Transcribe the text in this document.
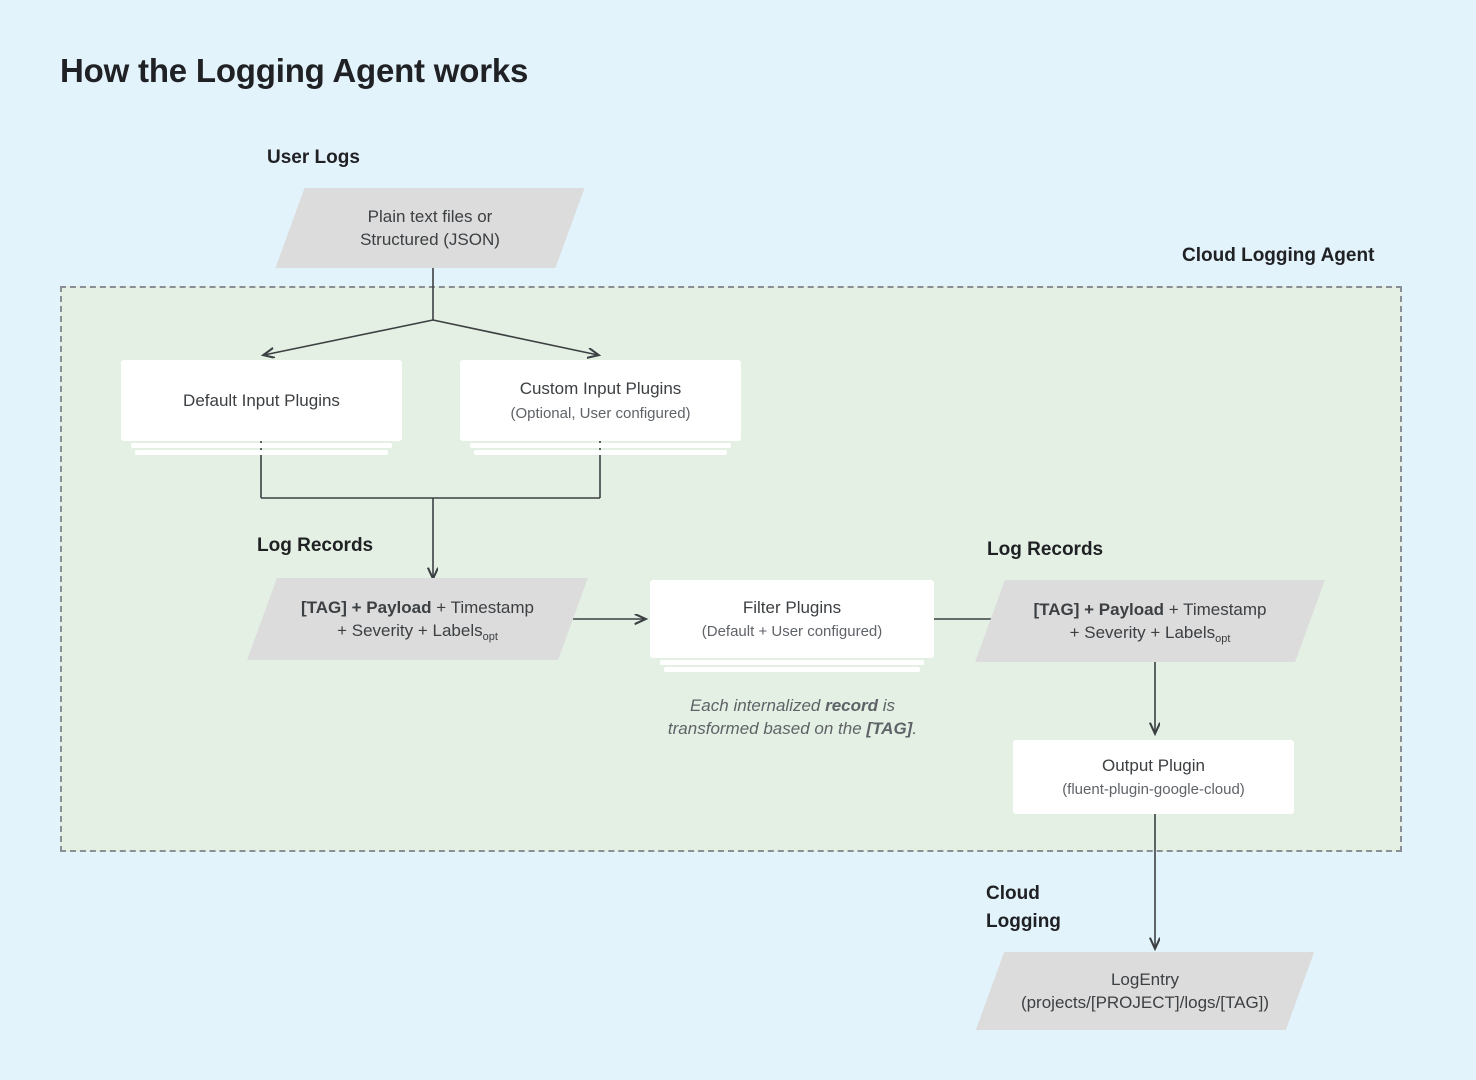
How the Logging Agent works
User Logs
Cloud Logging Agent
Log Records	Log Records
Cloud
Logging
Plain text files or
Structured (JSON)
Default Input Plugins
Custom Input Plugins
(Optional, User configured)
[TAG] + Payload + Timestamp
+ Severity + Labels$_{opt}$
Filter Plugins
(Default + User configured)
Each internalized record is
transformed based on the [TAG].
[TAG] + Payload + Timestamp
+ Severity + Labels$_{opt}$
Output Plugin
(fluent-plugin-google-cloud)
LogEntry
(projects/[PROJECT]/logs/[TAG])
